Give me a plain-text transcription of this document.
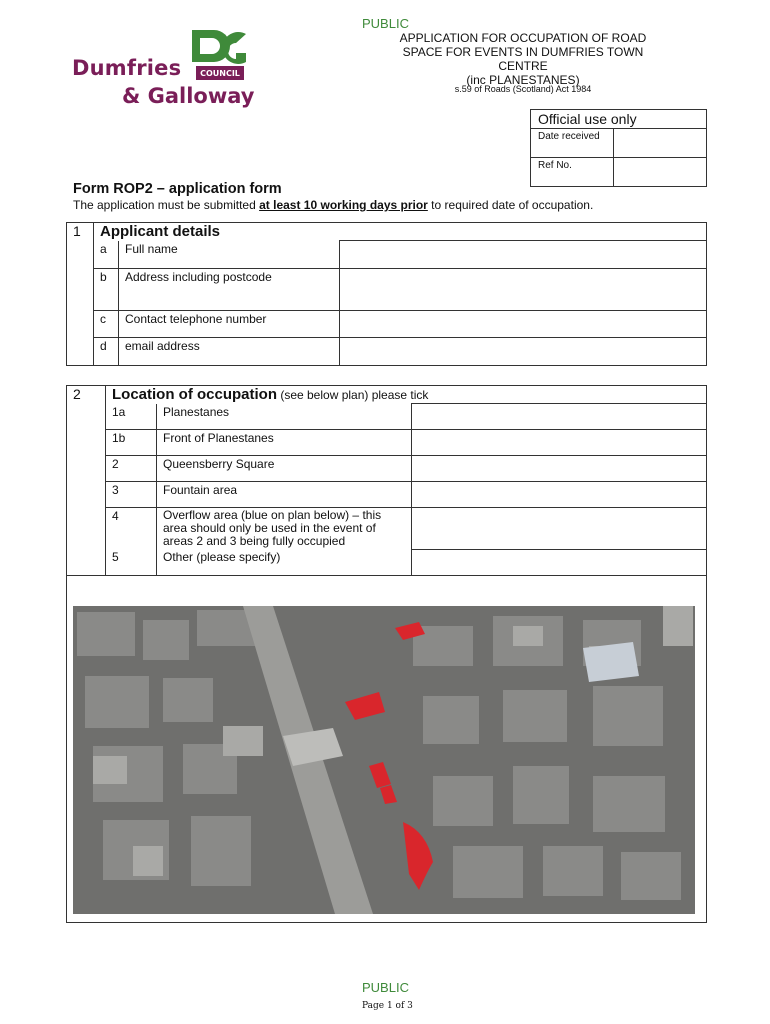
COUNCIL
Dumfries
& Galloway
PUBLIC
APPLICATION FOR OCCUPATION OF ROAD
SPACE FOR EVENTS IN DUMFRIES TOWN
CENTRE
(inc PLANESTANES)
s.59 of Roads (Scotland) Act 1984
Official use only	
Date received	
Ref No.	
Form ROP2 – application form
The application must be submitted at least 10 working days prior to required date of occupation.
1	Applicant details		
	a	Full name	
	b	Address including postcode	
	c	Contact telephone number	
	d	email address	
2	Location of occupation (see below plan) please tick		
	1a	Planestanes	
	1b	Front of Planestanes	
	2	Queensberry Square	
	3	Fountain area	
	4	Overflow area (blue on plan below) – this area should only be used in the event of areas 2 and 3 being fully occupied	
	5	Other (please specify)	

PUBLIC
Page 1 of 3
